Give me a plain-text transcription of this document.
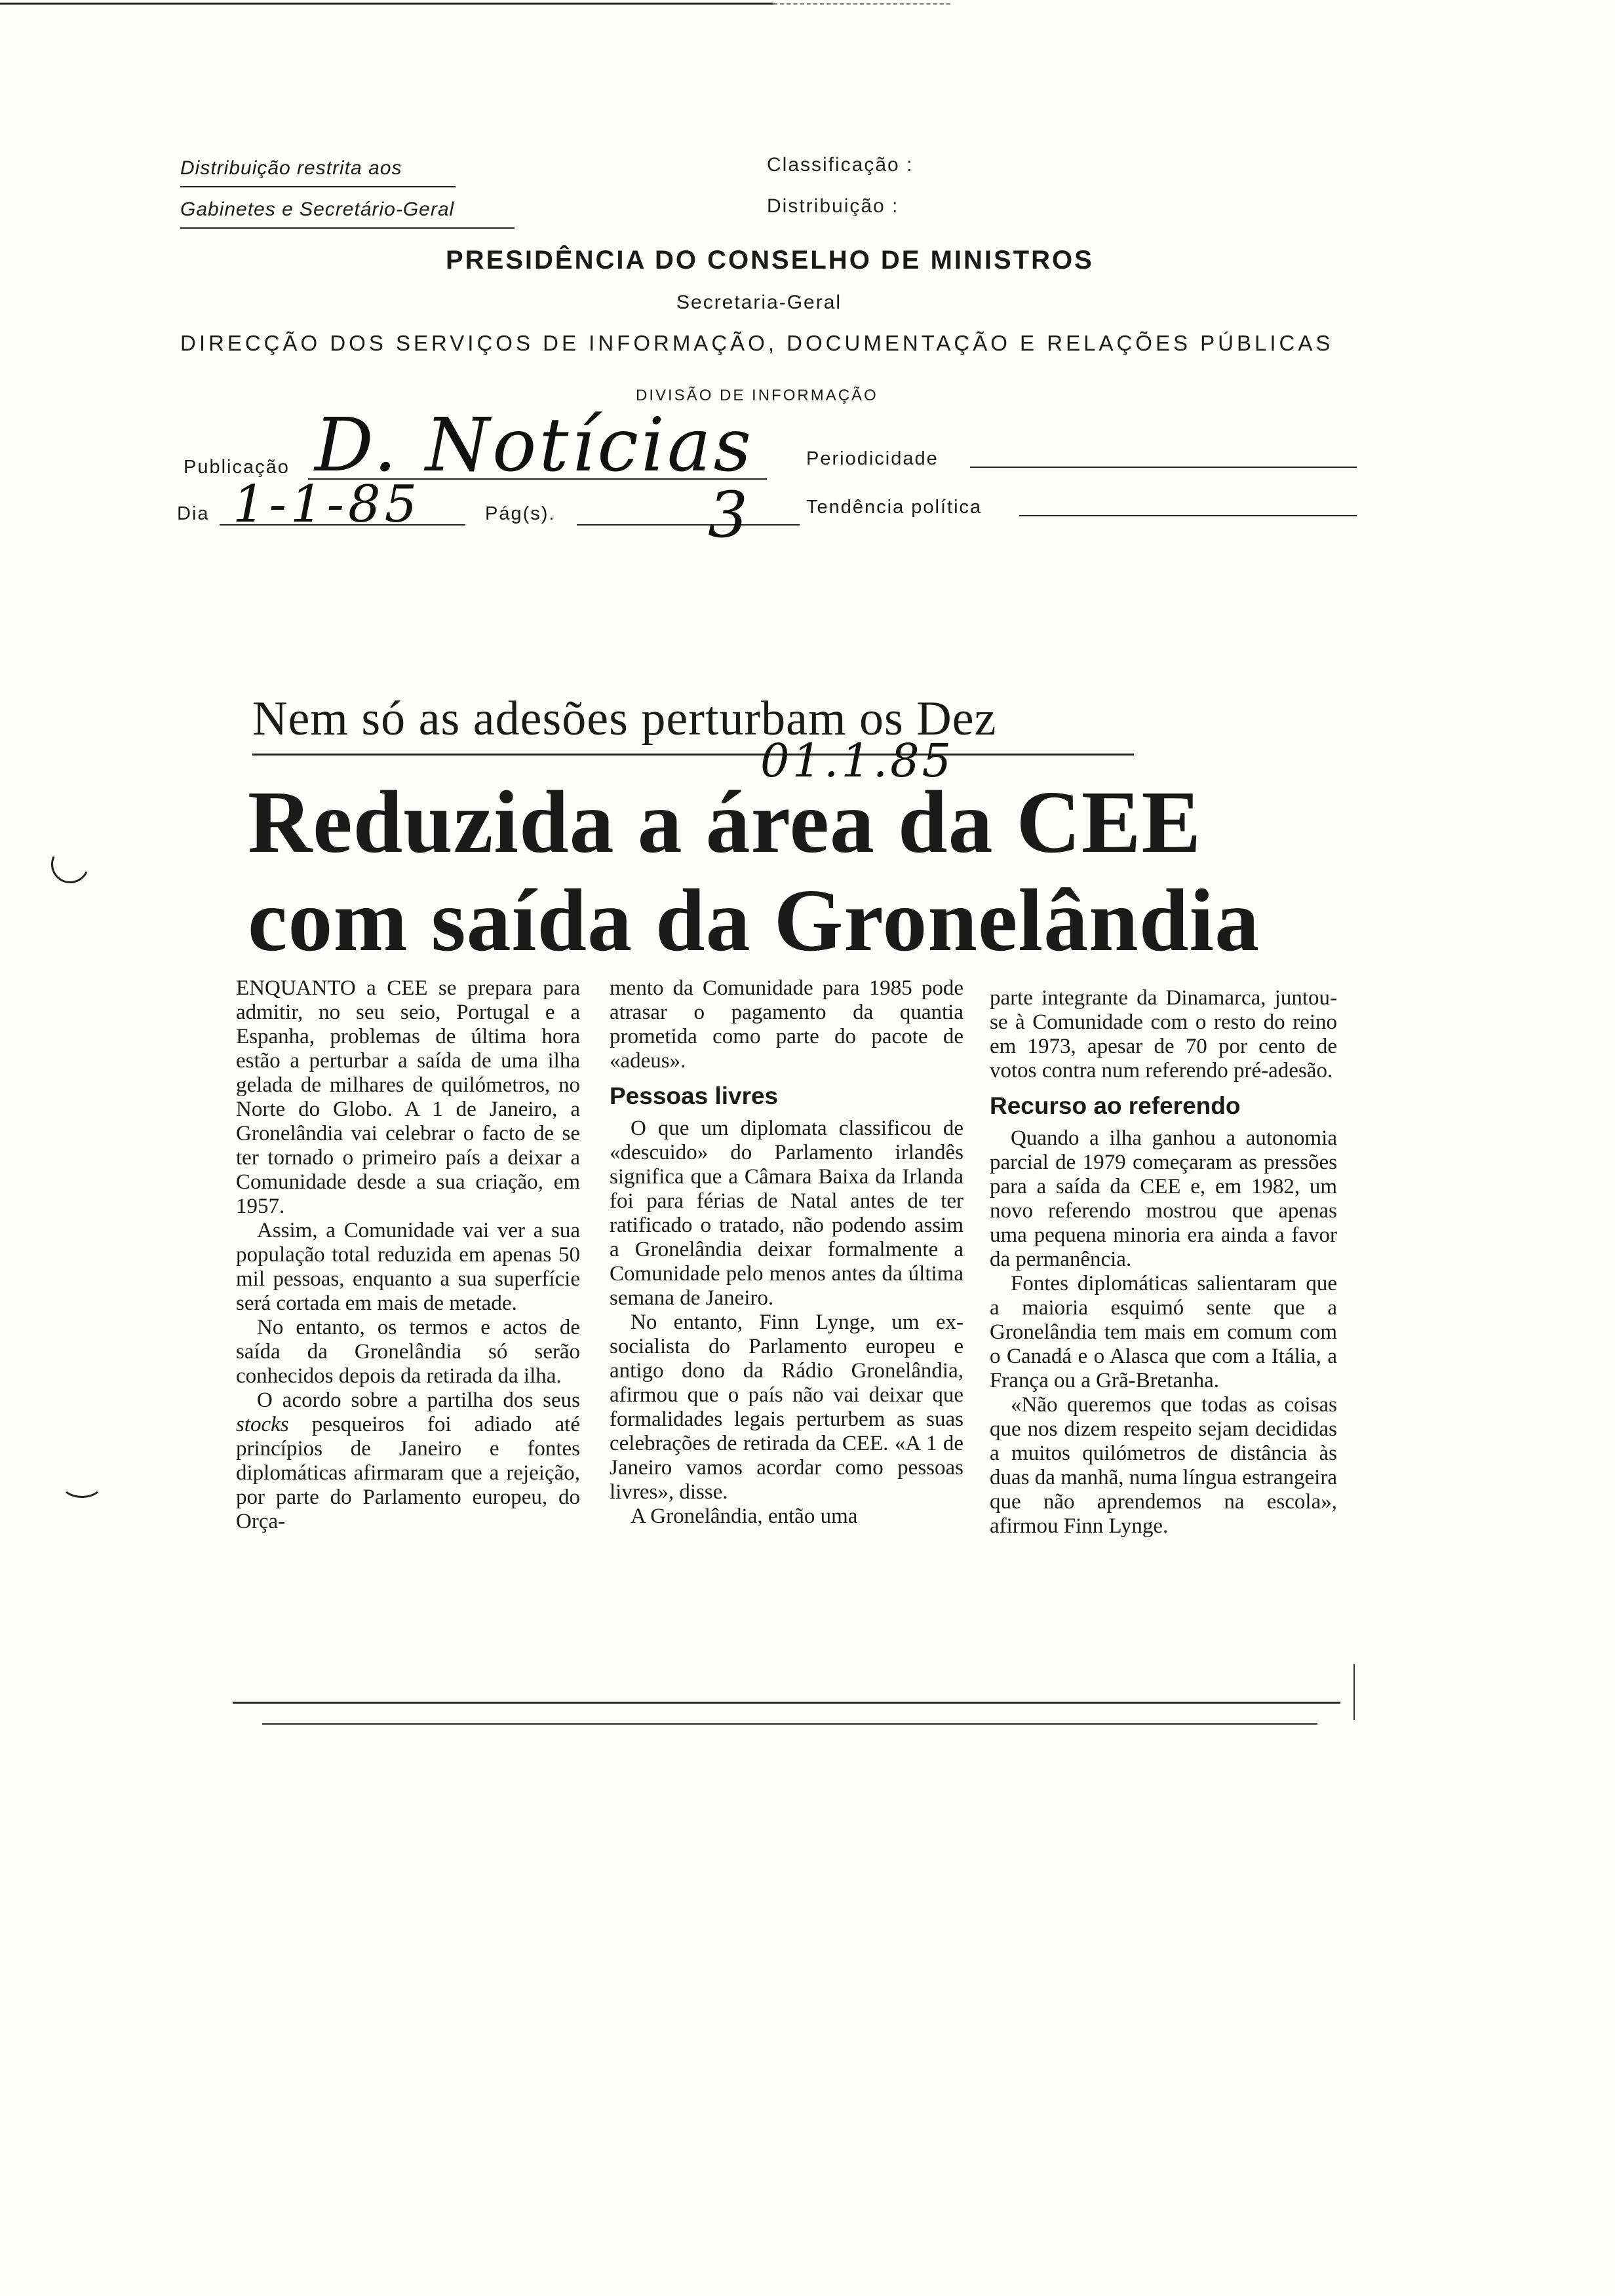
Distribuição restrita aos
Gabinetes e Secretário-Geral
Classificação :
Distribuição :
PRESIDÊNCIA DO CONSELHO DE MINISTROS
Secretaria-Geral
DIRECÇÃO DOS SERVIÇOS DE INFORMAÇÃO, DOCUMENTAÇÃO E RELAÇÕES PÚBLICAS
DIVISÃO DE INFORMAÇÃO
Publicação D. Notícias
Dia 1-1-85	Pág(s). 3
Periodicidade
Tendência política
Nem só as adesões perturbam os Dez
01.1.85
Reduzida a área da CEE
com saída da Gronelândia

ENQUANTO a CEE se prepara para admitir, no seu seio, Portugal e a Espanha, problemas de última hora estão a perturbar a saída de uma ilha gelada de milhares de quilómetros, no Norte do Globo. A 1 de Janeiro, a Gronelândia vai celebrar o facto de se ter tornado o primeiro país a deixar a Comunidade desde a sua criação, em 1957.

Assim, a Comunidade vai ver a sua população total reduzida em apenas 50 mil pessoas, enquanto a sua superfície será cortada em mais de metade.

No entanto, os termos e actos de saída da Gronelândia só serão conhecidos depois da retirada da ilha.

O acordo sobre a partilha dos seus stocks pesqueiros foi adiado até princípios de Janeiro e fontes diplomáticas afirmaram que a rejeição, por parte do Parlamento europeu, do Orça-

mento da Comunidade para 1985 pode atrasar o pagamento da quantia prometida como parte do pacote de «adeus».

Pessoas livres

O que um diplomata classificou de «descuido» do Parlamento irlandês significa que a Câmara Baixa da Irlanda foi para férias de Natal antes de ter ratificado o tratado, não podendo assim a Gronelândia deixar formalmente a Comunidade pelo menos antes da última semana de Janeiro.

No entanto, Finn Lynge, um ex-socialista do Parlamento europeu e antigo dono da Rádio Gronelândia, afirmou que o país não vai deixar que formalidades legais perturbem as suas celebrações de retirada da CEE. «A 1 de Janeiro vamos acordar como pessoas livres», disse.

A Gronelândia, então uma

parte integrante da Dinamarca, juntou-se à Comunidade com o resto do reino em 1973, apesar de 70 por cento de votos contra num referendo pré-adesão.

Recurso ao referendo

Quando a ilha ganhou a autonomia parcial de 1979 começaram as pressões para a saída da CEE e, em 1982, um novo referendo mostrou que apenas uma pequena minoria era ainda a favor da permanência.

Fontes diplomáticas salientaram que a maioria esquimó sente que a Gronelândia tem mais em comum com o Canadá e o Alasca que com a Itália, a França ou a Grã-Bretanha.

«Não queremos que todas as coisas que nos dizem respeito sejam decididas a muitos quilómetros de distância às duas da manhã, numa língua estrangeira que não aprendemos na escola», afirmou Finn Lynge.
